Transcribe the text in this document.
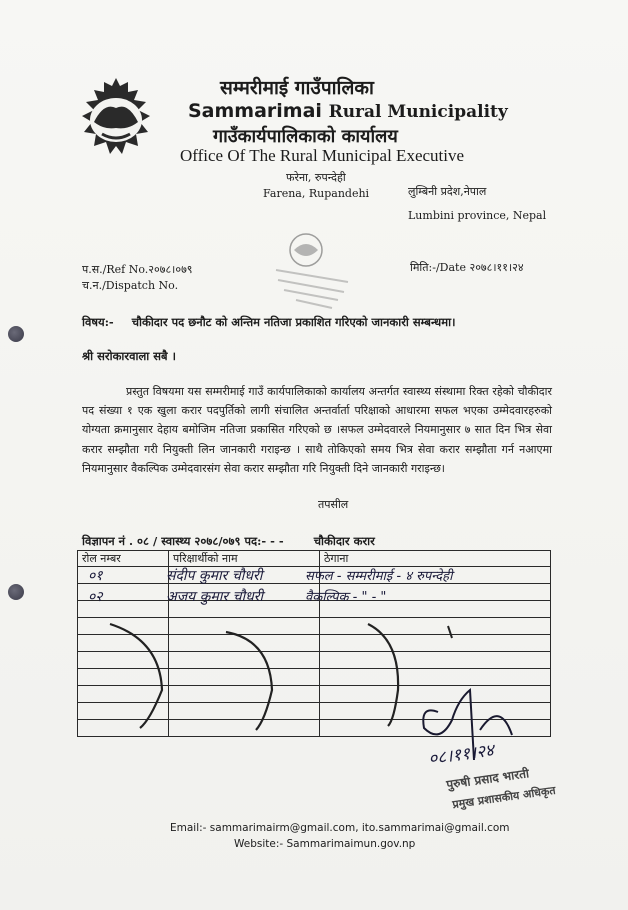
सम्मरीमाई गाउँपालिका
Sammarimai Rural Municipality
गाउँकार्यपालिकाको कार्यालय
Office Of The Rural Municipal Executive
फरेना, रुपन्देही
Farena, Rupandehi	लुम्बिनी प्रदेश,नेपाल
Lumbini province, Nepal
प.स./Ref No.२०७८।०७९
च.न./Dispatch No.
मिति:-/Date २०७८।११।२४
विषय:- चौकीदार पद छनौट को अन्तिम नतिजा प्रकाशित गरिएको जानकारी सम्बन्धमा।
श्री सरोकारवाला सबै ।

प्रस्तुत विषयमा यस सम्मरीमाई गाउँ कार्यपालिकाको कार्यालय अन्तर्गत स्वास्थ्य संस्थामा रिक्त रहेको चौकीदार पद संख्या १ एक खुला करार पदपुर्तिको लागी संचालित अन्तर्वार्ता परिक्षाको आधारमा सफल भएका उम्मेदवारहरुको योग्यता क्रमानुसार देहाय बमोजिम नतिजा प्रकासित गरिएको छ ।सफल उम्मेदवारले नियमानुसार ७ सात दिन भित्र सेवा करार सम्झौता गरी नियुक्ती लिन जानकारी गराइन्छ । साथै तोकिएको समय भित्र सेवा करार सम्झौता गर्न नआएमा नियमानुसार वैकल्पिक उम्मेदवारसंग सेवा करार सम्झौता गरि नियुक्ती दिने जानकारी गराइन्छ।

तपसील
विज्ञापन नं . ०८ / स्वास्थ्य २०७८/०७९ पद:- - -	चौकीदार करार
रोल नम्बर	परिक्षार्थीको नाम	ठेगाना

०१	संदीप कुमार चौधरी	सफल - सम्मरीमाई - ४ रुपन्देही
०२	अजय कुमार चौधरी	वैकल्पिक - " - "
०८।११।२४
पुरुषी प्रसाद भारती
प्रमुख प्रशासकीय अधिकृत
Email:- sammarimairm@gmail.com, ito.sammarimai@gmail.com
Website:- Sammarimaimun.gov.np
